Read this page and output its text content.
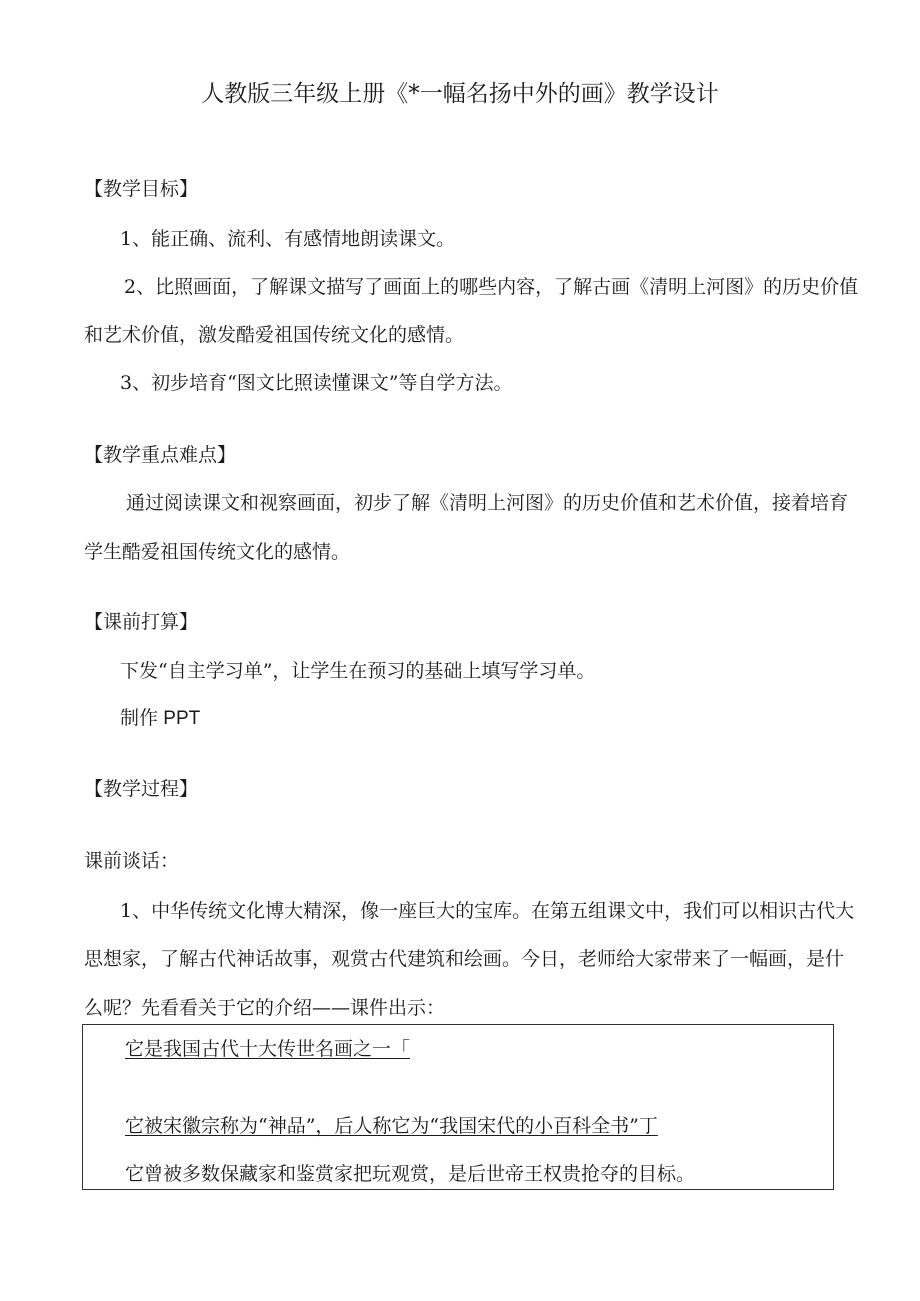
人教版三年级上册《*一幅名扬中外的画》教学设计
【教学目标】
1、能正确、流利、有感情地朗读课文。
2、比照画面，了解课文描写了画面上的哪些内容，了解古画《清明上河图》的历史价值
和艺术价值，激发酷爱祖国传统文化的感情。
3、初步培育“图文比照读懂课文”等自学方法。
【教学重点难点】
通过阅读课文和视察画面，初步了解《清明上河图》的历史价值和艺术价值，接着培育
学生酷爱祖国传统文化的感情。
【课前打算】
下发“自主学习单”，让学生在预习的基础上填写学习单。
制作 PPT
【教学过程】
课前谈话：
1、中华传统文化博大精深，像一座巨大的宝库。在第五组课文中，我们可以相识古代大
思想家，了解古代神话故事，观赏古代建筑和绘画。今日，老师给大家带来了一幅画，是什
么呢？先看看关于它的介绍——课件出示：
它是我国古代十大传世名画之一「
它被宋徽宗称为“神品”，后人称它为“我国宋代的小百科全书”丁
它曾被多数保藏家和鉴赏家把玩观赏，是后世帝王权贵抢夺的目标。
